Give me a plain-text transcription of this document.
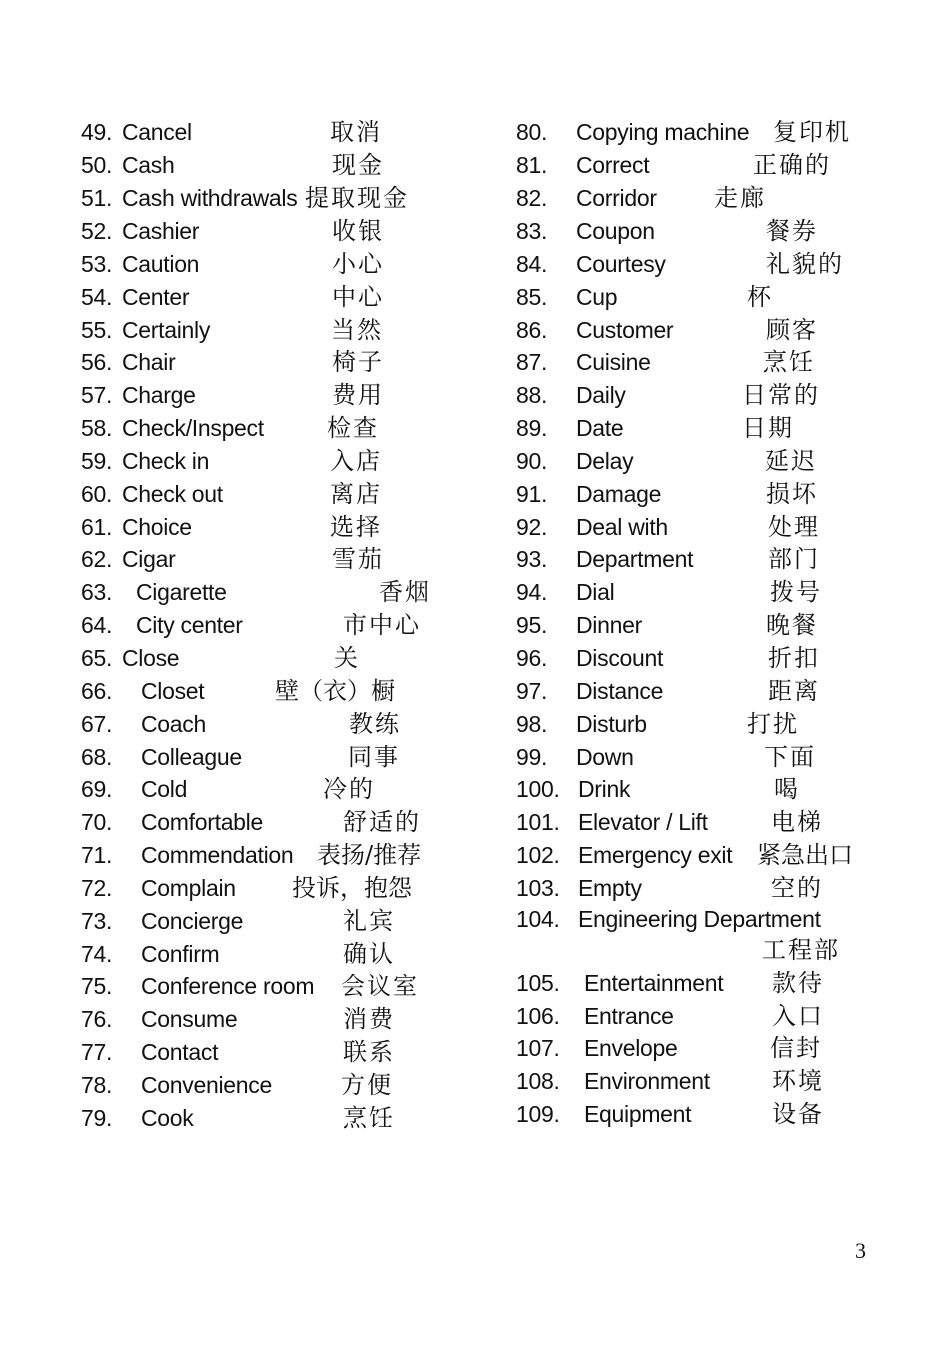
49. Cancel	取消
50. Cash	现金
51. Cash withdrawals 提取现金
52. Cashier	收银
53. Caution	小心
54. Center	中心
55. Certainly	当然
56. Chair	椅子
57. Charge	费用
58. Check/Inspect	检查
59. Check in	入店
60. Check out	离店
61. Choice	选择
62. Cigar	雪茄
63. Cigarette	香烟
64. City center	市中心
65. Close	关
66. Closet	壁（衣）橱
67. Coach	教练
68. Colleague	同事
69. Cold	冷的
70. Comfortable	舒适的
71. Commendation 表扬/推荐
72. Complain 投诉，抱怨
73. Concierge	礼宾
74. Confirm	确认
75. Conference room 会议室
76. Consume	消费
77. Contact	联系
78. Convenience	方便
79. Cook	烹饪
80. Copying machine 复印机
81. Correct	正确的
82. Corridor 走廊
83. Coupon	餐券
84. Courtesy	礼貌的
85. Cup	杯
86. Customer	顾客
87. Cuisine	烹饪
88. Daily	日常的
89. Date	日期
90. Delay	延迟
91. Damage	损坏
92. Deal with	处理
93. Department	部门
94. Dial	拨号
95. Dinner	晚餐
96. Discount	折扣
97. Distance	距离
98. Disturb	打扰
99. Down	下面
100. Drink	喝
101. Elevator / Lift	电梯
102. Emergency exit 紧急出口
103. Empty	空的
104. Engineering Department
工程部
105. Entertainment 款待
106. Entrance	入口
107. Envelope	信封
108. Environment	环境
109. Equipment	设备
3
